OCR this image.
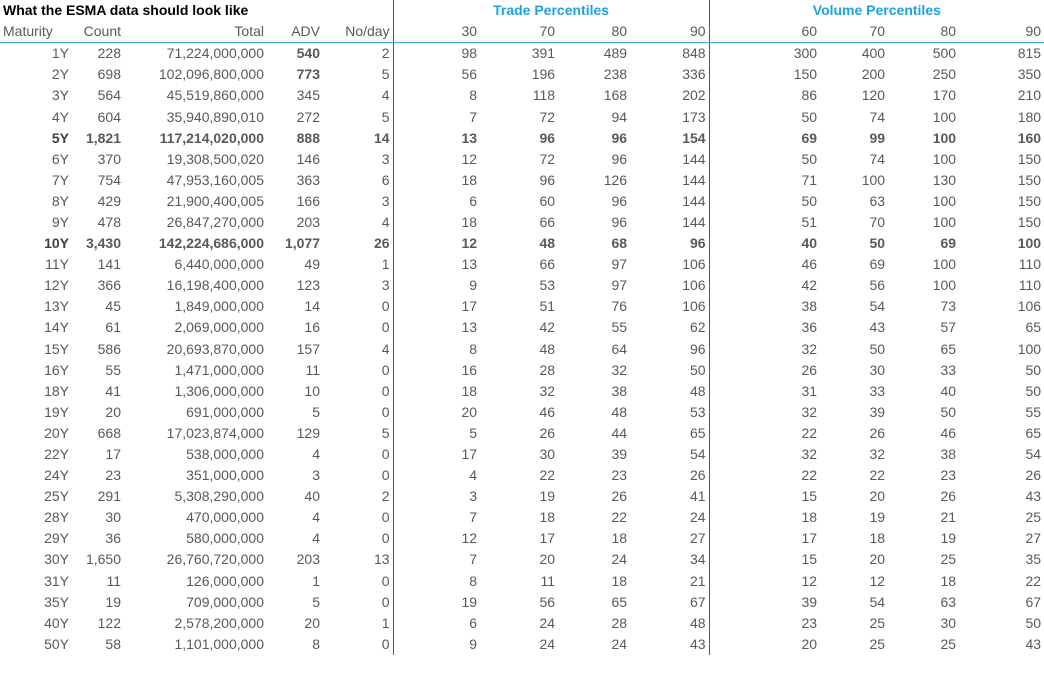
What the ESMA data should look like					Trade Percentiles				Volume Percentiles			
Maturity	Count	Total	ADV	No/day	30	70	80	90	60	70	80	90
1Y	228	71,224,000,000	540	2	98	391	489	848	300	400	500	815
2Y	698	102,096,800,000	773	5	56	196	238	336	150	200	250	350
3Y	564	45,519,860,000	345	4	8	118	168	202	86	120	170	210
4Y	604	35,940,890,010	272	5	7	72	94	173	50	74	100	180
5Y	1,821	117,214,020,000	888	14	13	96	96	154	69	99	100	160
6Y	370	19,308,500,020	146	3	12	72	96	144	50	74	100	150
7Y	754	47,953,160,005	363	6	18	96	126	144	71	100	130	150
8Y	429	21,900,400,005	166	3	6	60	96	144	50	63	100	150
9Y	478	26,847,270,000	203	4	18	66	96	144	51	70	100	150
10Y	3,430	142,224,686,000	1,077	26	12	48	68	96	40	50	69	100
11Y	141	6,440,000,000	49	1	13	66	97	106	46	69	100	110
12Y	366	16,198,400,000	123	3	9	53	97	106	42	56	100	110
13Y	45	1,849,000,000	14	0	17	51	76	106	38	54	73	106
14Y	61	2,069,000,000	16	0	13	42	55	62	36	43	57	65
15Y	586	20,693,870,000	157	4	8	48	64	96	32	50	65	100
16Y	55	1,471,000,000	11	0	16	28	32	50	26	30	33	50
18Y	41	1,306,000,000	10	0	18	32	38	48	31	33	40	50
19Y	20	691,000,000	5	0	20	46	48	53	32	39	50	55
20Y	668	17,023,874,000	129	5	5	26	44	65	22	26	46	65
22Y	17	538,000,000	4	0	17	30	39	54	32	32	38	54
24Y	23	351,000,000	3	0	4	22	23	26	22	22	23	26
25Y	291	5,308,290,000	40	2	3	19	26	41	15	20	26	43
28Y	30	470,000,000	4	0	7	18	22	24	18	19	21	25
29Y	36	580,000,000	4	0	12	17	18	27	17	18	19	27
30Y	1,650	26,760,720,000	203	13	7	20	24	34	15	20	25	35
31Y	11	126,000,000	1	0	8	11	18	21	12	12	18	22
35Y	19	709,000,000	5	0	19	56	65	67	39	54	63	67
40Y	122	2,578,200,000	20	1	6	24	28	48	23	25	30	50
50Y	58	1,101,000,000	8	0	9	24	24	43	20	25	25	43
